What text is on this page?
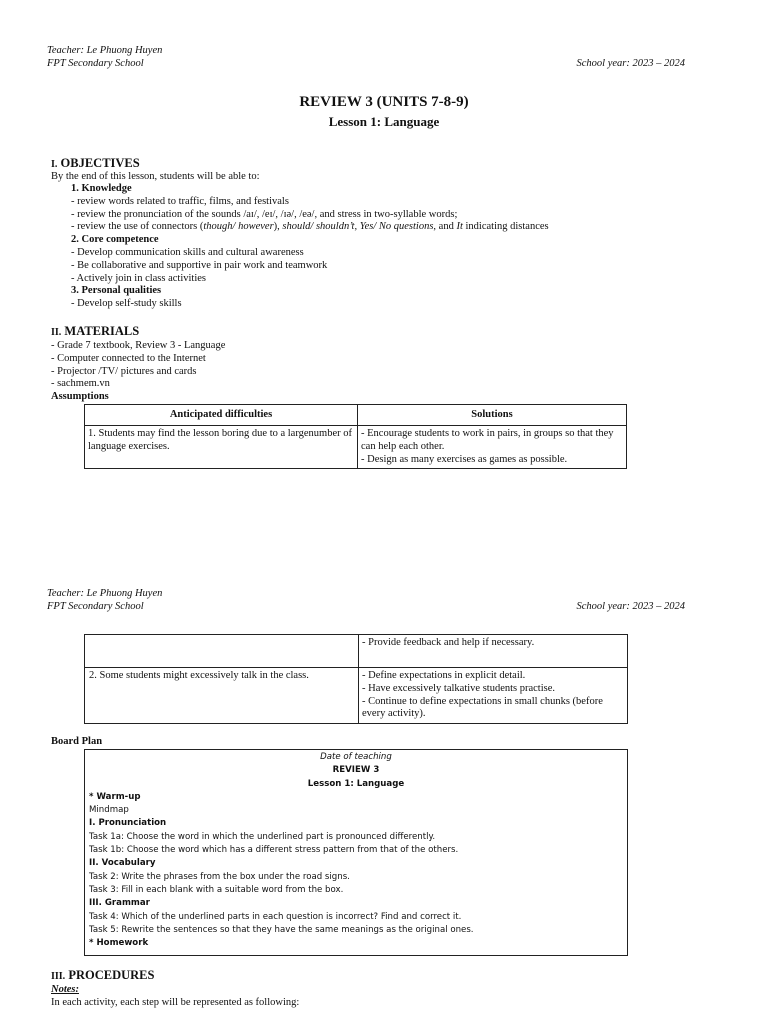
Teacher: Le Phuong Huyen
FPT Secondary School	School year: 2023 – 2024
REVIEW 3 (UNITS 7-8-9)
Lesson 1: Language
I. OBJECTIVES
By the end of this lesson, students will be able to:
1. Knowledge
- review words related to traffic, films, and festivals
- review the pronunciation of the sounds /aɪ/, /eɪ/, /ɪə/, /eə/, and stress in two-syllable words;
- review the use of connectors (though/ however), should/ shouldn’t, Yes/ No questions, and It indicating distances
2. Core competence
- Develop communication skills and cultural awareness
- Be collaborative and supportive in pair work and teamwork
- Actively join in class activities
3. Personal qualities
- Develop self-study skills
II. MATERIALS
- Grade 7 textbook, Review 3 - Language
- Computer connected to the Internet
- Projector /TV/ pictures and cards
- sachmem.vn
Assumptions
Anticipated difficulties	Solutions
1. Students may find the lesson boring due to a largenumber of language exercises.	- Encourage students to work in pairs, in groups so that they can help each other.
- Design as many exercises as games as possible.
Teacher: Le Phuong Huyen
FPT Secondary School	School year: 2023 – 2024
	- Provide feedback and help if necessary.
2. Some students might excessively talk in the class.	- Define expectations in explicit detail.
- Have excessively talkative students practise.
- Continue to define expectations in small chunks (before every activity).
Board Plan
Date of teaching
REVIEW 3
Lesson 1: Language
* Warm-up
Mindmap
I. Pronunciation
Task 1a: Choose the word in which the underlined part is pronounced differently.
Task 1b: Choose the word which has a different stress pattern from that of the others.
II. Vocabulary
Task 2: Write the phrases from the box under the road signs.
Task 3: Fill in each blank with a suitable word from the box.
III. Grammar
Task 4: Which of the underlined parts in each question is incorrect? Find and correct it.
Task 5: Rewrite the sentences so that they have the same meanings as the original ones.
* Homework
III. PROCEDURES
Notes:
In each activity, each step will be represented as following:
